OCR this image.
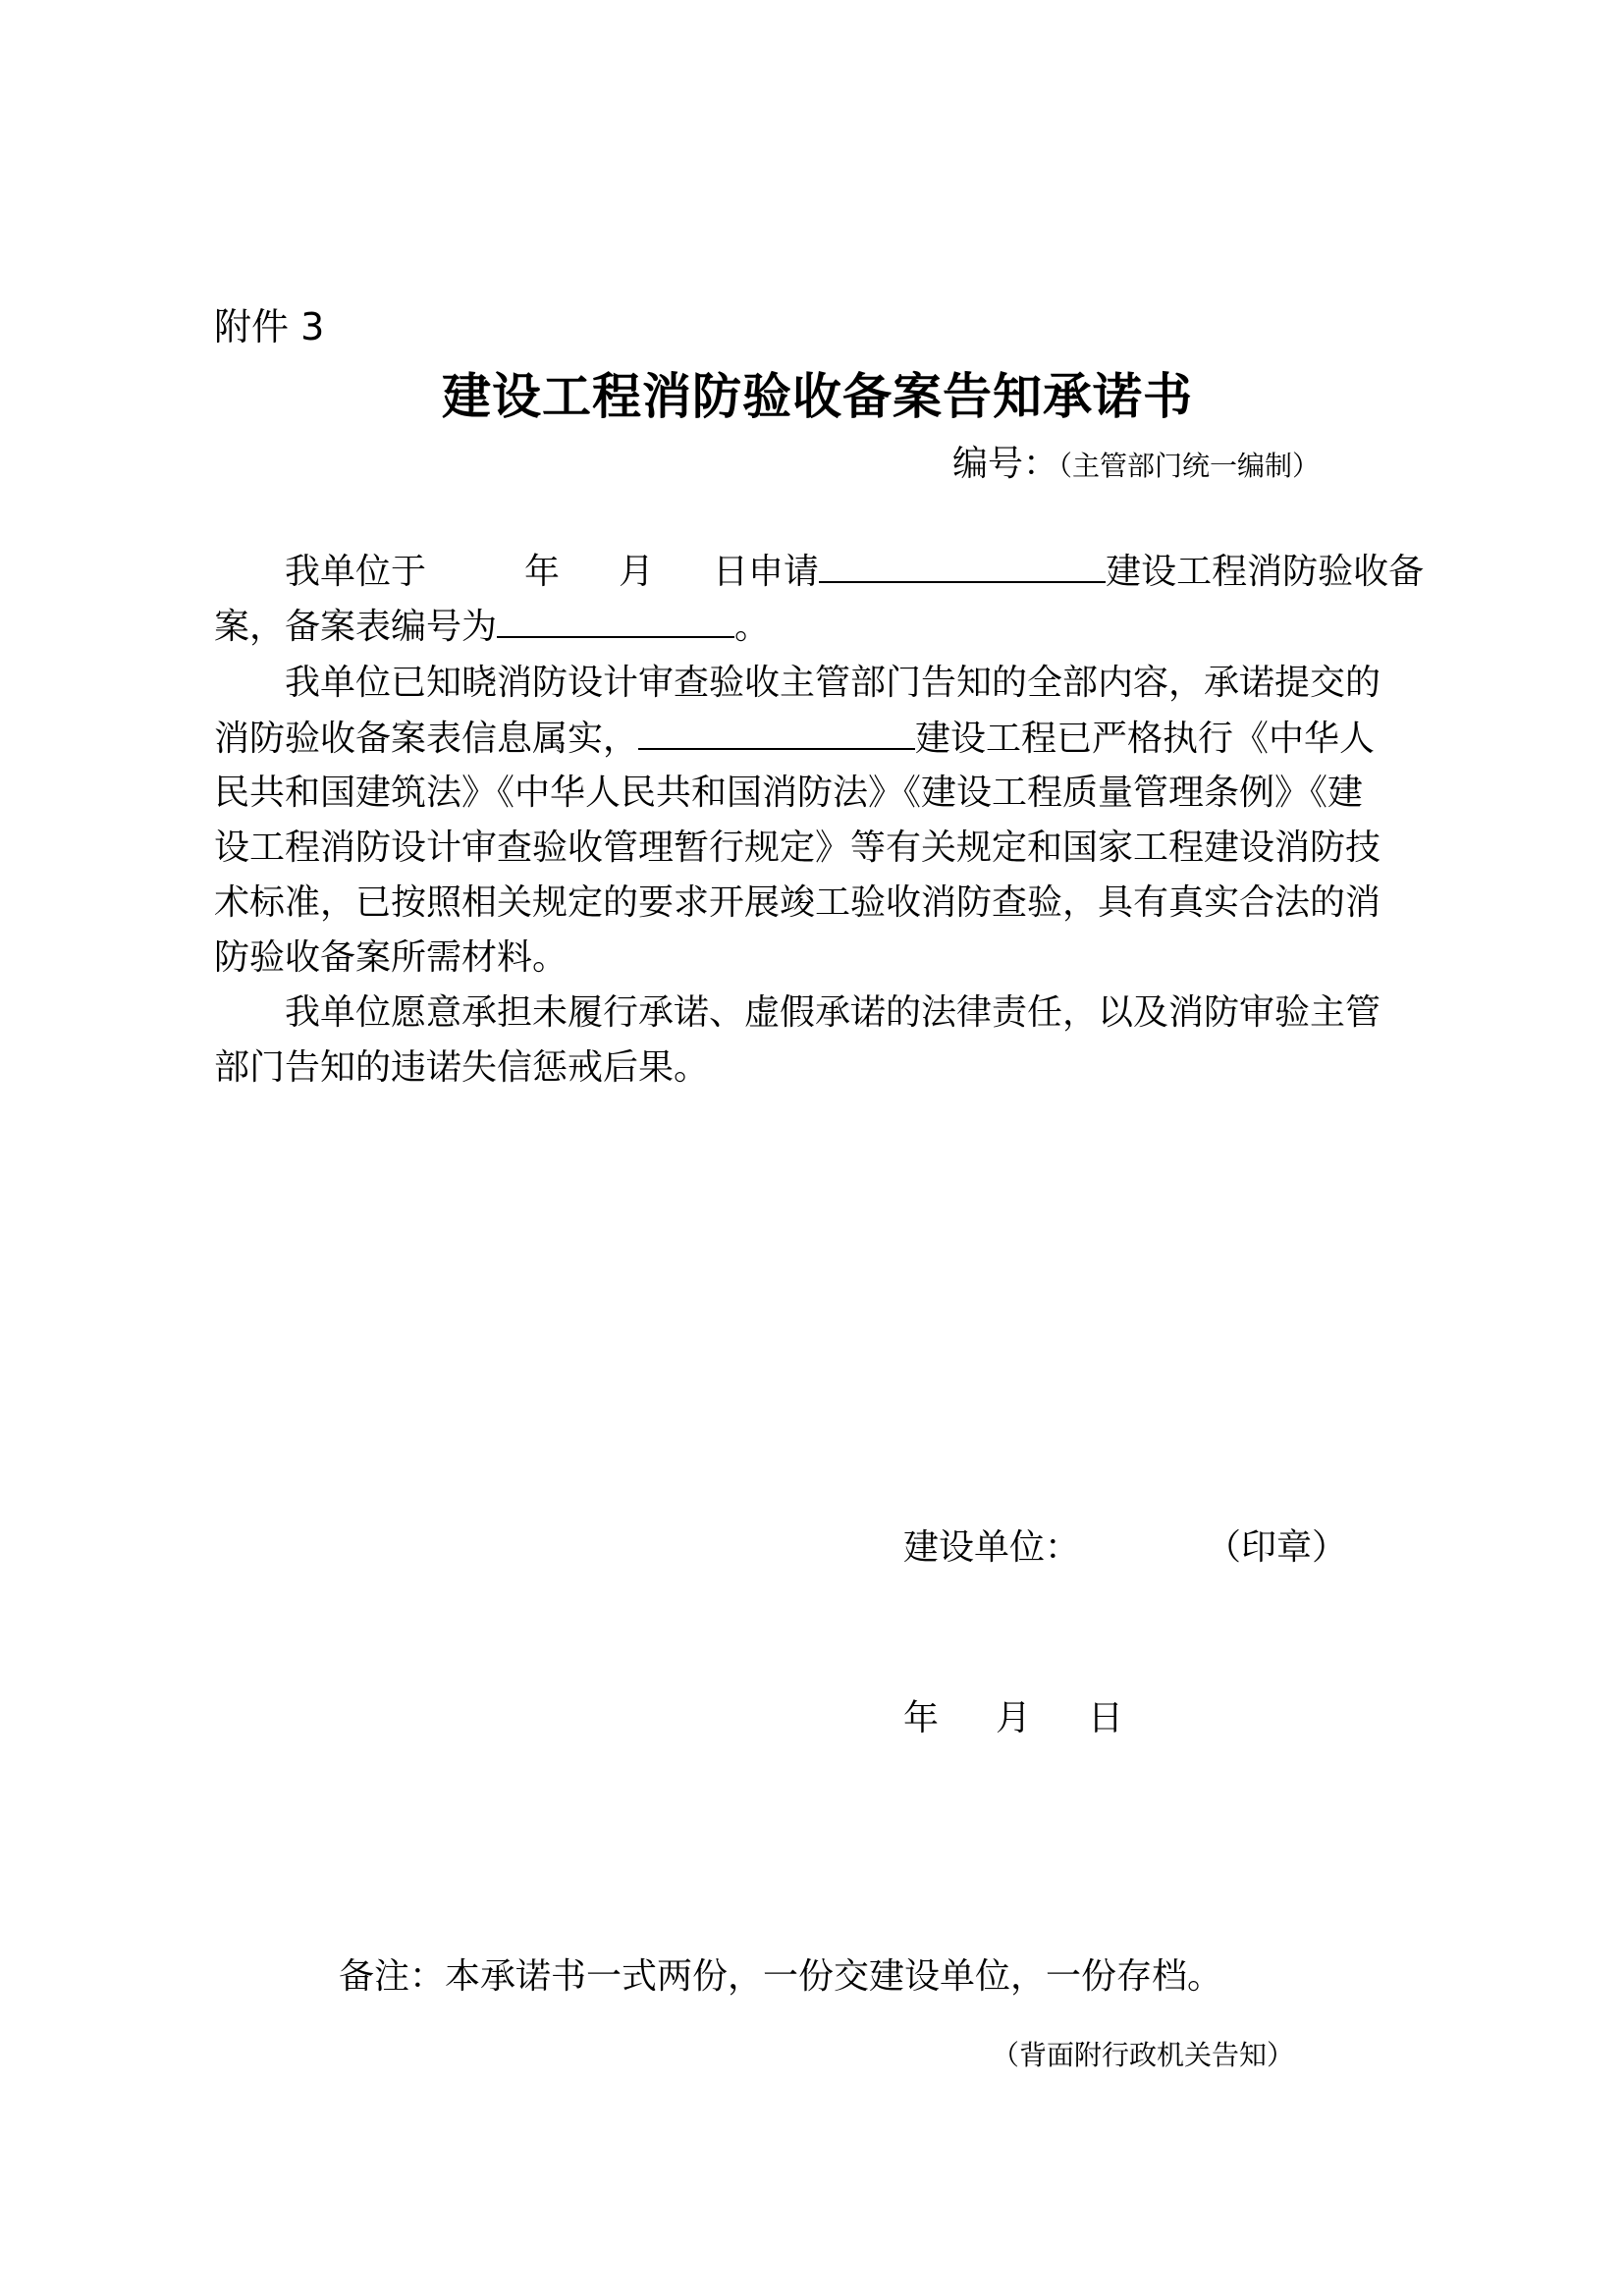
附件 3
建设工程消防验收备案告知承诺书
编号：（主管部门统一编制）
我单位于	年 月 日申请	建设工程消防验收备
案，备案表编号为	。
我单位已知晓消防设计审查验收主管部门告知的全部内容，承诺提交的
消防验收备案表信息属实，	建设工程已严格执行《中华人
民共和国建筑法》《中华人民共和国消防法》《建设工程质量管理条例》《建
设工程消防设计审查验收管理暂行规定》等有关规定和国家工程建设消防技
术标准，已按照相关规定的要求开展竣工验收消防查验，具有真实合法的消
防验收备案所需材料。
我单位愿意承担未履行承诺、虚假承诺的法律责任，以及消防审验主管
部门告知的违诺失信惩戒后果。
建设单位：	（印章）
年 月 日
备注：本承诺书一式两份，一份交建设单位，一份存档。
（背面附行政机关告知）
